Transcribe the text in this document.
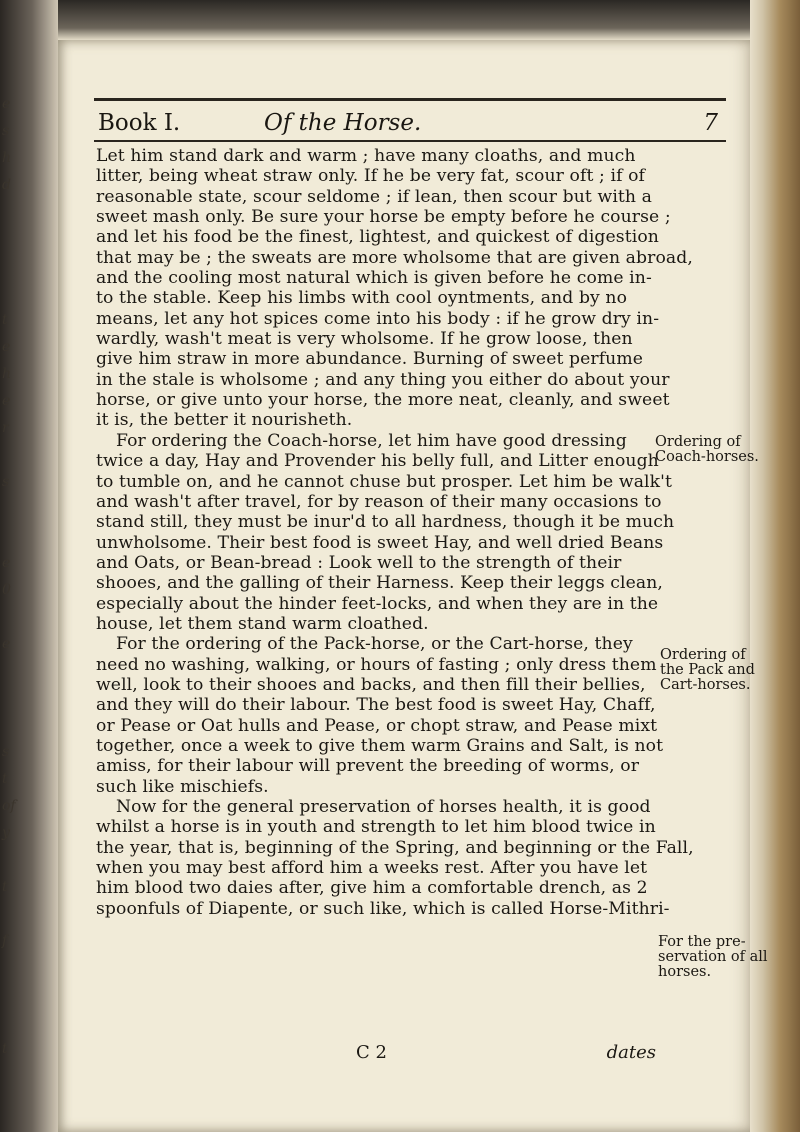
e
s
h
d
t
e
h
e
r
s
e
0
e
s
t
of
y
t
f
t
Book I.	Of the Horse.	7
Let him stand dark and warm ; have many cloaths, and much
litter, being wheat straw only. If he be very fat, scour oft ; if of
reasonable state, scour seldome ; if lean, then scour but with a
sweet mash only. Be sure your horse be empty before he course ;
and let his food be the finest, lightest, and quickest of digestion
that may be ; the sweats are more wholsome that are given abroad,
and the cooling most natural which is given before he come in-
to the stable. Keep his limbs with cool oyntments, and by no
means, let any hot spices come into his body : if he grow dry in-
wardly, wash't meat is very wholsome. If he grow loose, then
give him straw in more abundance. Burning of sweet perfume
in the stale is wholsome ; and any thing you either do about your
horse, or give unto your horse, the more neat, cleanly, and sweet
it is, the better it nourisheth.
For ordering the Coach-horse, let him have good dressing
twice a day, Hay and Provender his belly full, and Litter enough
to tumble on, and he cannot chuse but prosper. Let him be walk't
and wash't after travel, for by reason of their many occasions to
stand still, they must be inur'd to all hardness, though it be much
unwholsome. Their best food is sweet Hay, and well dried Beans
and Oats, or Bean-bread : Look well to the strength of their
shooes, and the galling of their Harness. Keep their leggs clean,
especially about the hinder feet-locks, and when they are in the
house, let them stand warm cloathed.
For the ordering of the Pack-horse, or the Cart-horse, they
need no washing, walking, or hours of fasting ; only dress them
well, look to their shooes and backs, and then fill their bellies,
and they will do their labour. The best food is sweet Hay, Chaff,
or Pease or Oat hulls and Pease, or chopt straw, and Pease mixt
together, once a week to give them warm Grains and Salt, is not
amiss, for their labour will prevent the breeding of worms, or
such like mischiefs.
Now for the general preservation of horses health, it is good
whilst a horse is in youth and strength to let him blood twice in
the year, that is, beginning of the Spring, and beginning or the Fall,
when you may best afford him a weeks rest. After you have let
him blood two daies after, give him a comfortable drench, as 2
spoonfuls of Diapente, or such like, which is called Horse-Mithri-
Ordering of
Coach-horses.
Ordering of
the Pack and
Cart-horses.
For the pre-
servation of all
horses.
C 2	dates
